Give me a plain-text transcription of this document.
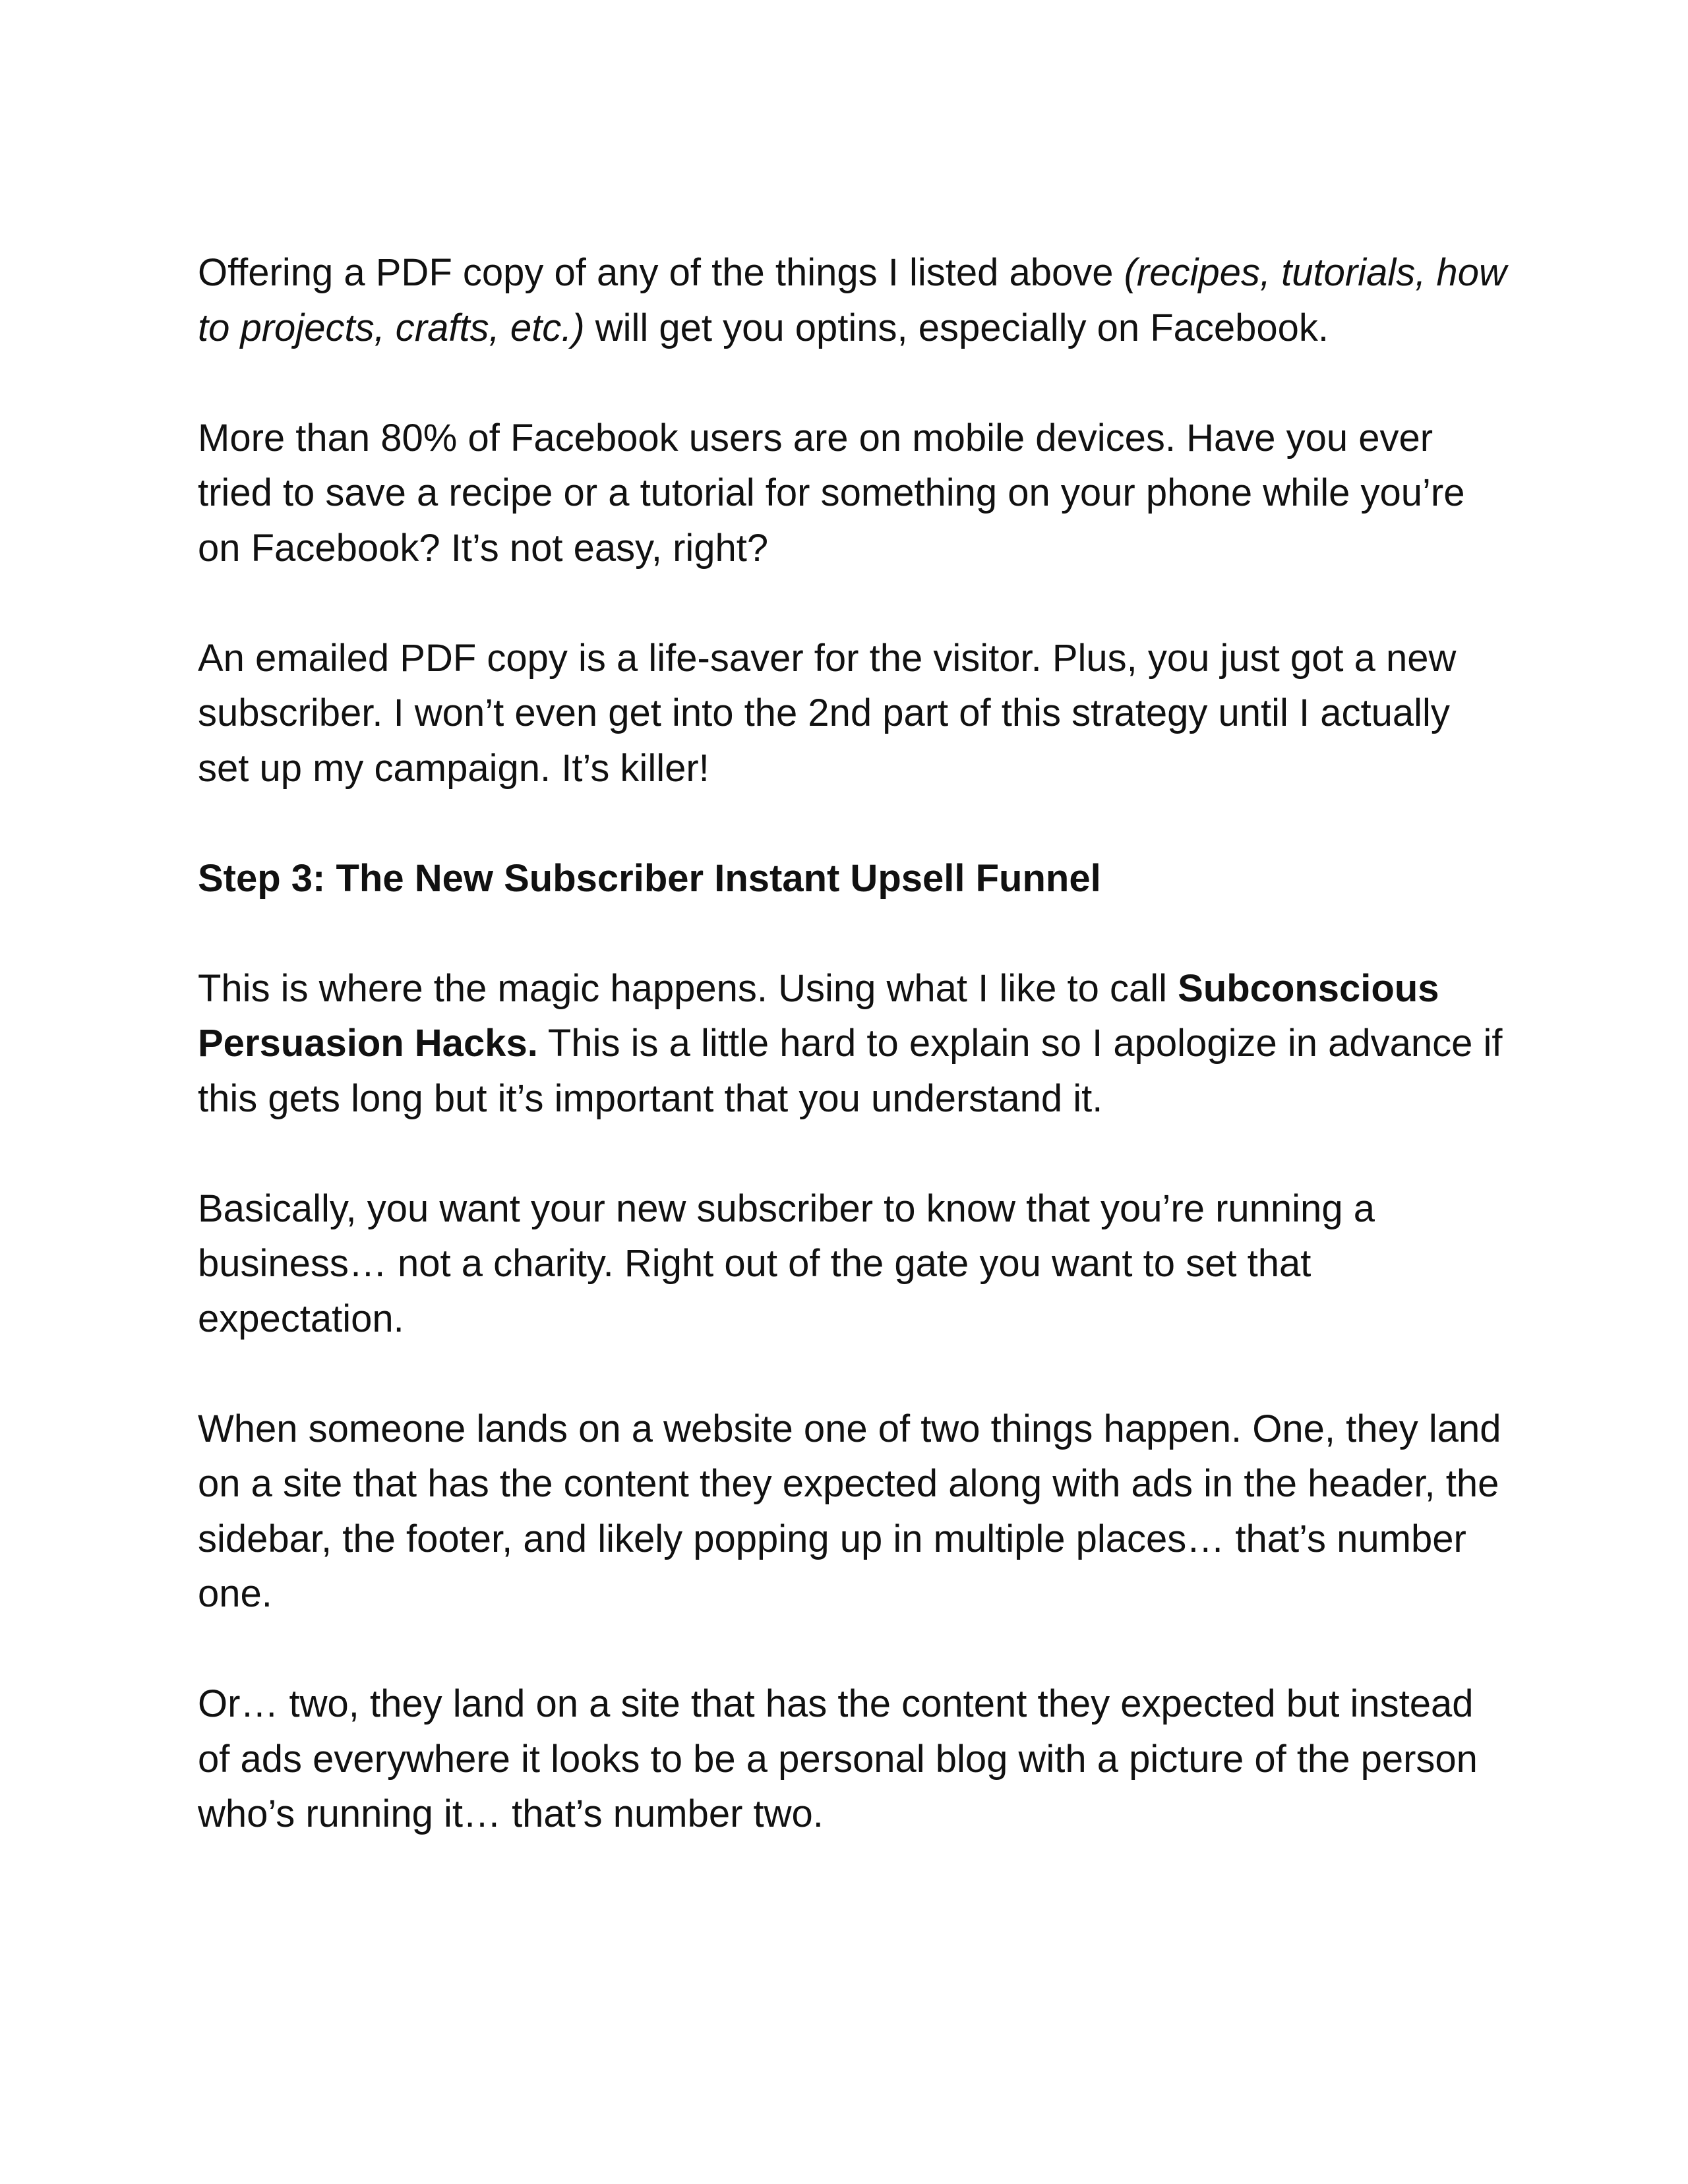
Offering a PDF copy of any of the things I listed above (recipes, tutorials, how to projects, crafts, etc.) will get you optins, especially on Facebook.

More than 80% of Facebook users are on mobile devices. Have you ever tried to save a recipe or a tutorial for something on your phone while you’re on Facebook? It’s not easy, right?

An emailed PDF copy is a life-saver for the visitor. Plus, you just got a new subscriber. I won’t even get into the 2nd part of this strategy until I actually set up my campaign. It’s killer!

Step 3: The New Subscriber Instant Upsell Funnel

This is where the magic happens. Using what I like to call Subconscious Persuasion Hacks. This is a little hard to explain so I apologize in advance if this gets long but it’s important that you understand it.

Basically, you want your new subscriber to know that you’re running a business… not a charity. Right out of the gate you want to set that expectation.

When someone lands on a website one of two things happen. One, they land on a site that has the content they expected along with ads in the header, the sidebar, the footer, and likely popping up in multiple places… that’s number one.

Or… two, they land on a site that has the content they expected but instead of ads everywhere it looks to be a personal blog with a picture of the person who’s running it… that’s number two.
